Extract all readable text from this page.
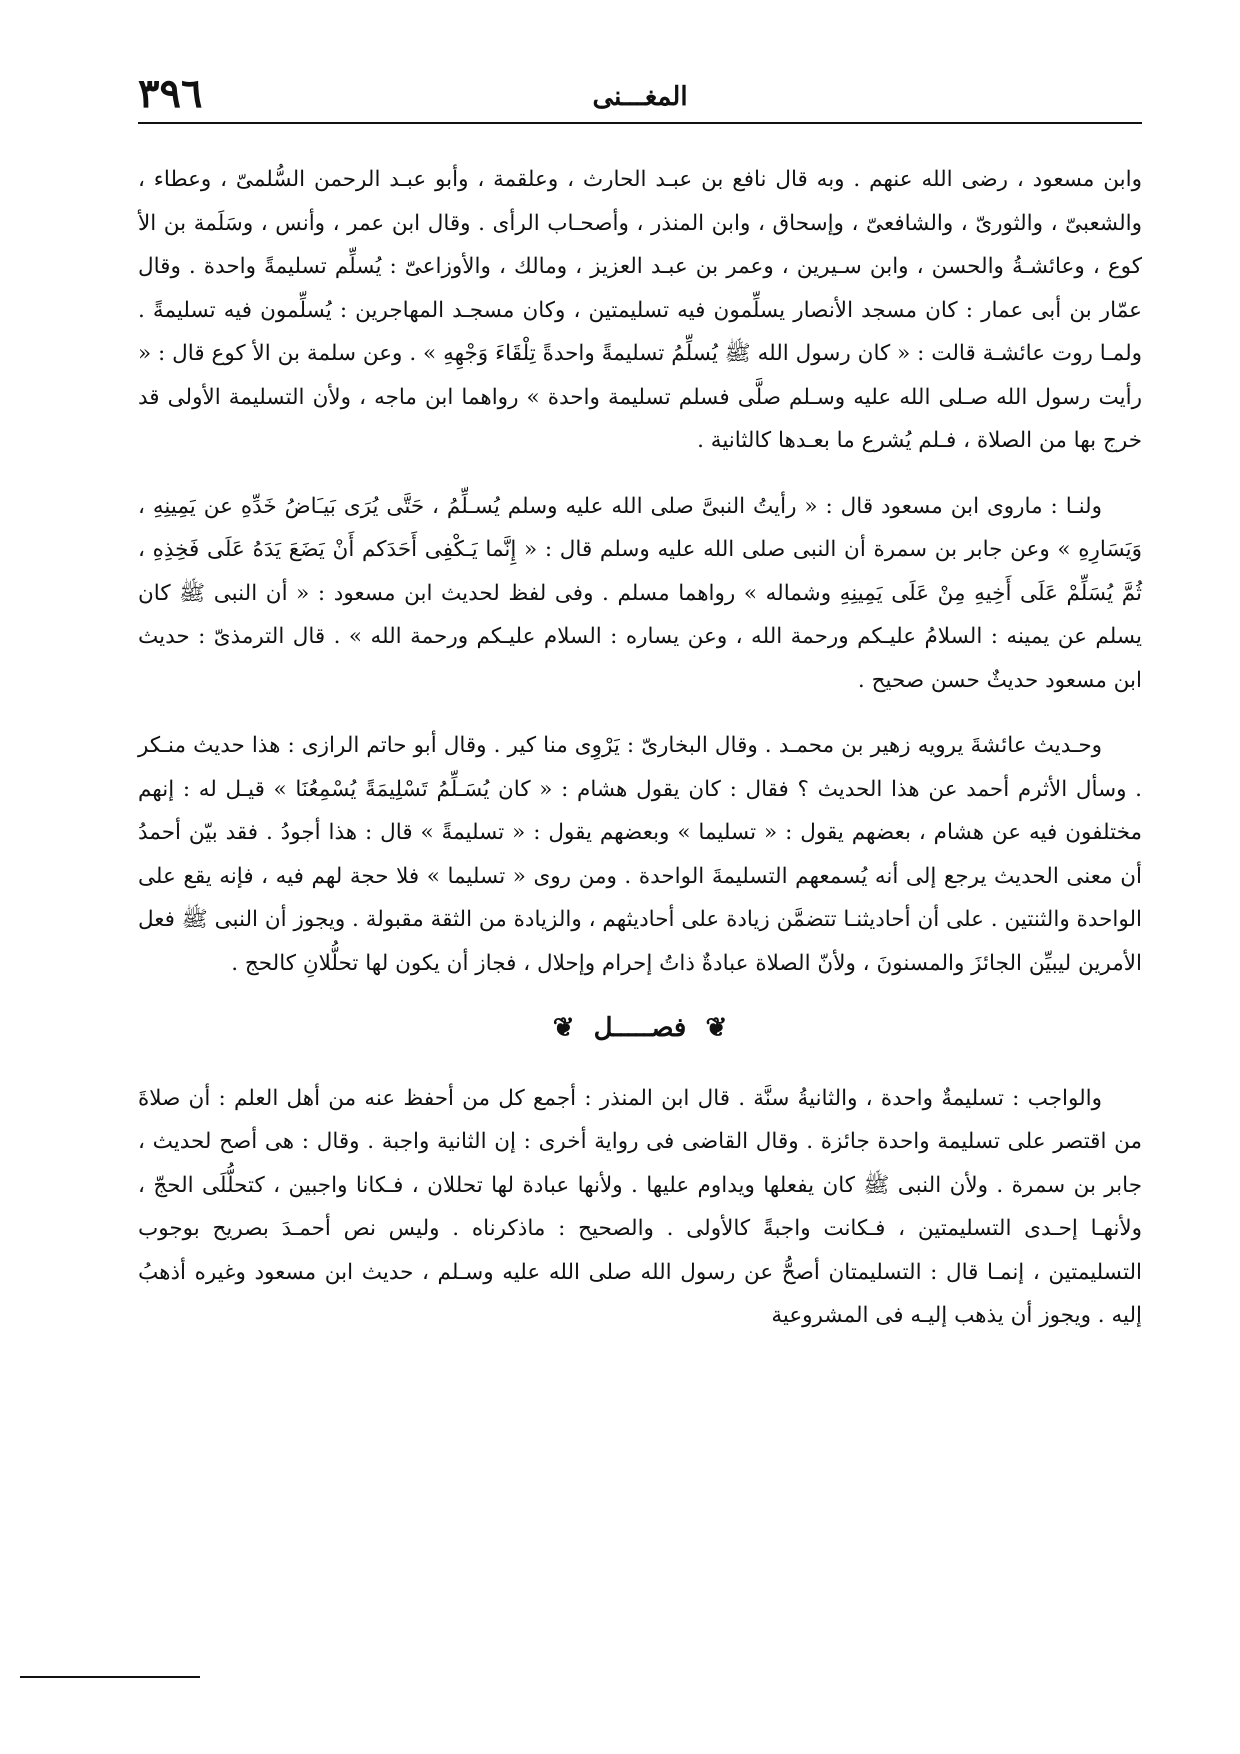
٣٩٦	المغـــنى

وابن مسعود ، رضى الله عنهم . وبه قال نافع بن عبـد الحارث ، وعلقمة ، وأبو عبـد الرحمن السُّلمىّ ، وعطاء ، والشعبىّ ، والثورىّ ، والشافعىّ ، وإسحاق ، وابن المنذر ، وأصحـاب الرأى . وقال ابن عمر ، وأنس ، وسَلَمة بن الأ كوع ، وعائشـةُ والحسن ، وابن سـيرين ، وعمر بن عبـد العزيز ، ومالك ، والأوزاعىّ : يُسلِّم تسليمةً واحدة . وقال عمّار بن أبى عمار : كان مسجد الأنصار يسلِّمون فيه تسليمتين ، وكان مسجـد المهاجرين : يُسلِّمون فيه تسليمةً . ولمـا روت عائشـة قالت : « كان رسول الله ﷺ يُسلِّمُ تسليمةً واحدةً تِلْقَاءَ وَجْهِهِ » . وعن سلمة بن الأ كوع قال : « رأيت رسول الله صـلى الله عليه وسـلم صلَّى فسلم تسليمة واحدة » رواهما ابن ماجه ، ولأن التسليمة الأولى قد خرج بها من الصلاة ، فـلم يُشرع ما بعـدها كالثانية .

ولنـا : ماروى ابن مسعود قال : « رأيتُ النبىَّ صلى الله عليه وسلم يُسـلِّمُ ، حَتَّى يُرَى بَيـَاضُ خَدِّهِ عن يَمِينِهِ ، وَيَسَارِهِ » وعن جابر بن سمرة أن النبى صلى الله عليه وسلم قال : « إِنَّما يَـكْفِى أَحَدَكم أَنْ يَضَعَ يَدَهُ عَلَى فَخِذِهِ ، ثُمَّ يُسَلِّمْ عَلَى أَخِيهِ مِنْ عَلَى يَمِينِهِ وشماله » رواهما مسلم . وفى لفظ لحديث ابن مسعود : « أن النبى ﷺ كان يسلم عن يمينه : السلامُ عليـكم ورحمة الله ، وعن يساره : السلام عليـكم ورحمة الله » . قال الترمذىّ : حديث ابن مسعود حديثٌ حسن صحيح .

وحـديث عائشةَ يرويه زهير بن محمـد . وقال البخارىّ : يَرْوِى منا كير . وقال أبو حاتم الرازى : هذا حديث منـكر . وسأل الأثرم أحمد عن هذا الحديث ؟ فقال : كان يقول هشام : « كان يُسَـلِّمُ تَسْلِيمَةً يُسْمِعُنَا » قيـل له : إنهم مختلفون فيه عن هشام ، بعضهم يقول : « تسليما » وبعضهم يقول : « تسليمةً » قال : هذا أجودُ . فقد بيّن أحمدُ أن معنى الحديث يرجع إلى أنه يُسمعهم التسليمةَ الواحدة . ومن روى « تسليما » فلا حجة لهم فيه ، فإنه يقع على الواحدة والثنتين . على أن أحاديثنـا تتضمَّن زيادة على أحاديثهم ، والزيادة من الثقة مقبولة . ويجوز أن النبى ﷺ فعل الأمرين ليبيِّن الجائزَ والمسنونَ ، ولأنّ الصلاة عبادةٌ ذاتُ إحرام وإحلال ، فجاز أن يكون لها تحلُّلانِ كالحج .

❦ فصـــــل ❦

والواجب : تسليمةٌ واحدة ، والثانيةُ سنَّة . قال ابن المنذر : أجمع كل من أحفظ عنه من أهل العلم : أن صلاةَ من اقتصر على تسليمة واحدة جائزة . وقال القاضى فى رواية أخرى : إن الثانية واجبة . وقال : هى أصح لحديث ، جابر بن سمرة . ولأن النبى ﷺ كان يفعلها ويداوم عليها . ولأنها عبادة لها تحللان ، فـكانا واجبين ، كتحلُّلَى الحجّ ، ولأنهـا إحـدى التسليمتين ، فـكانت واجبةً كالأولى . والصحيح : ماذكرناه . وليس نص أحمـدَ بصريح بوجوب التسليمتين ، إنمـا قال : التسليمتان أصحُّ عن رسول الله صلى الله عليه وسـلم ، حديث ابن مسعود وغيره أذهبُ إليه . ويجوز أن يذهب إليـه فى المشروعية
